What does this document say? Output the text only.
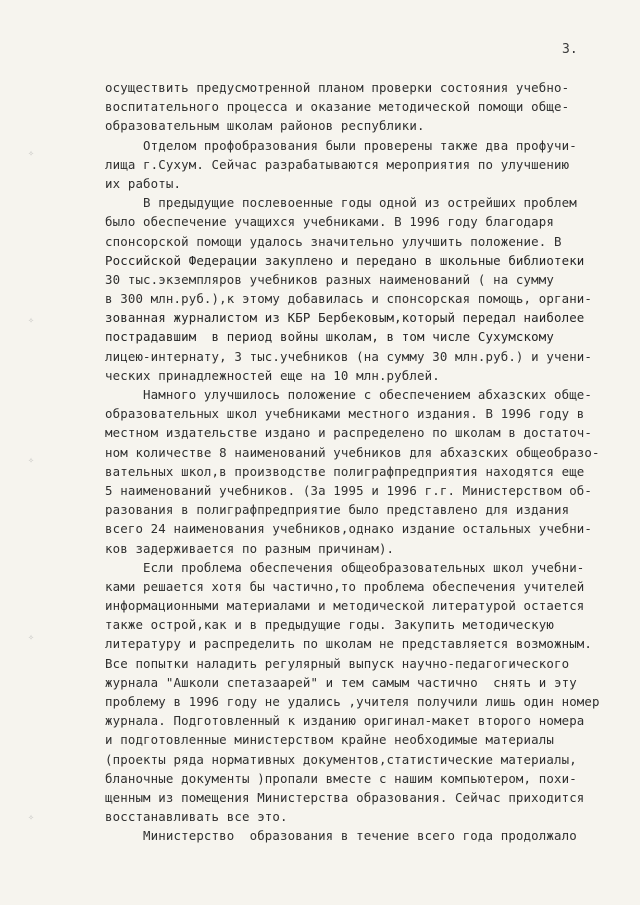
3.
✧
✧
✧
✧
✧
осуществить предусмотренной планом проверки состояния учебно-
воспитательного процесса и оказание методической помощи обще-
образовательным школам районов республики.
Отделом профобразования были проверены также два профучи-
лища г.Сухум. Сейчас разрабатываются мероприятия по улучшению
их работы.
В предыдущие послевоенные годы одной из острейших проблем
было обеспечение учащихся учебниками. В 1996 году благодаря
спонсорской помощи удалось значительно улучшить положение. В
Российской Федерации закуплено и передано в школьные библиотеки
30 тыс.экземпляров учебников разных наименований ( на сумму
в 300 млн.руб.),к этому добавилась и спонсорская помощь, органи-
зованная журналистом из КБР Бербековым,который передал наиболее
пострадавшим  в период войны школам, в том числе Сухумскому
лицею-интернату, 3 тыс.учебников (на сумму 30 млн.руб.) и учени-
ческих принадлежностей еще на 10 млн.рублей.
Намного улучшилось положение с обеспечением абхазских обще-
образовательных школ учебниками местного издания. В 1996 году в
местном издательстве издано и распределено по школам в достаточ-
ном количестве 8 наименований учебников для абхазских общеобразо-
вательных школ,в производстве полиграфпредприятия находятся еще
5 наименований учебников. (За 1995 и 1996 г.г. Министерством об-
разования в полиграфпредприятие было представлено для издания
всего 24 наименования учебников,однако издание остальных учебни-
ков задерживается по разным причинам).
Если проблема обеспечения общеобразовательных школ учебни-
ками решается хотя бы частично,то проблема обеспечения учителей
информационными материалами и методической литературой остается
также острой,как и в предыдущие годы. Закупить методическую
литературу и распределить по школам не представляется возможным.
Все попытки наладить регулярный выпуск научно-педагогического
журнала "Ашколи спетазаарей" и тем самым частично  снять и эту
проблему в 1996 году не удались ,учителя получили лишь один номер
журнала. Подготовленный к изданию оригинал-макет второго номера
и подготовленные министерством крайне необходимые материалы
(проекты ряда нормативных документов,статистические материалы,
бланочные документы )пропали вместе с нашим компьютером, похи-
щенным из помещения Министерства образования. Сейчас приходится
восстанавливать все это.
Министерство  образования в течение всего года продолжало
